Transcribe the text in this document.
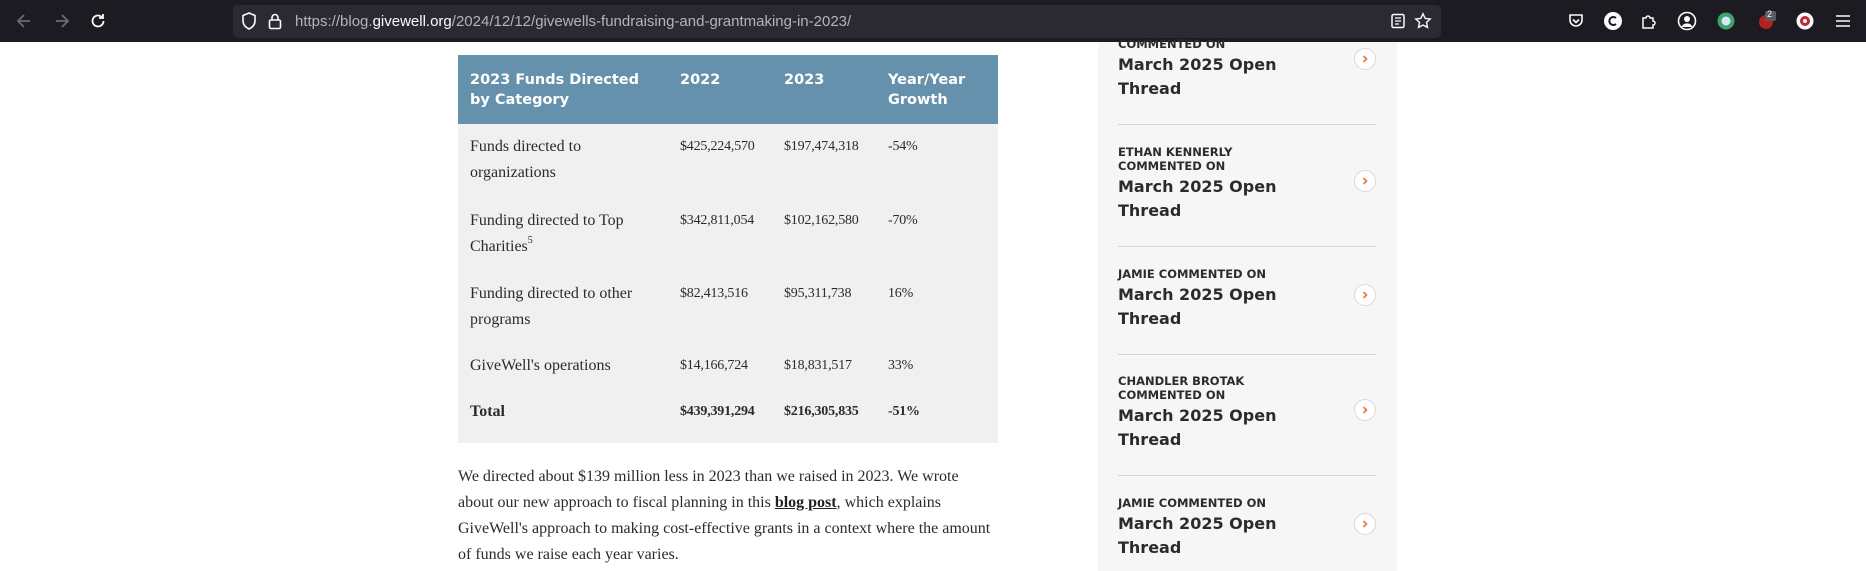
https://blog.givewell.org/2024/12/12/givewells-fundraising-and-grantmaking-in-2023/	2
2023 Funds Directed by Category	2022	2023	Year/Year Growth
Funds directed to organizations	$425,224,570	$197,474,318	-54%
Funding directed to Top Charities$^5$	$342,811,054	$102,162,580	-70%
Funding directed to other programs	$82,413,516	$95,311,738	16%
GiveWell's operations	$14,166,724	$18,831,517	33%
Total	$439,391,294	$216,305,835	-51%

We directed about $139 million less in 2023 than we raised in 2023. We wrote about our new approach to fiscal planning in this blog post, which explains GiveWell's approach to making cost-effective grants in a context where the amount of funds we raise each year varies.

COMMENTED ON
March 2025 Open Thread
ETHAN KENNERLY COMMENTED ON
March 2025 Open Thread
JAMIE COMMENTED ON
March 2025 Open Thread
CHANDLER BROTAK COMMENTED ON
March 2025 Open Thread
JAMIE COMMENTED ON
March 2025 Open Thread
